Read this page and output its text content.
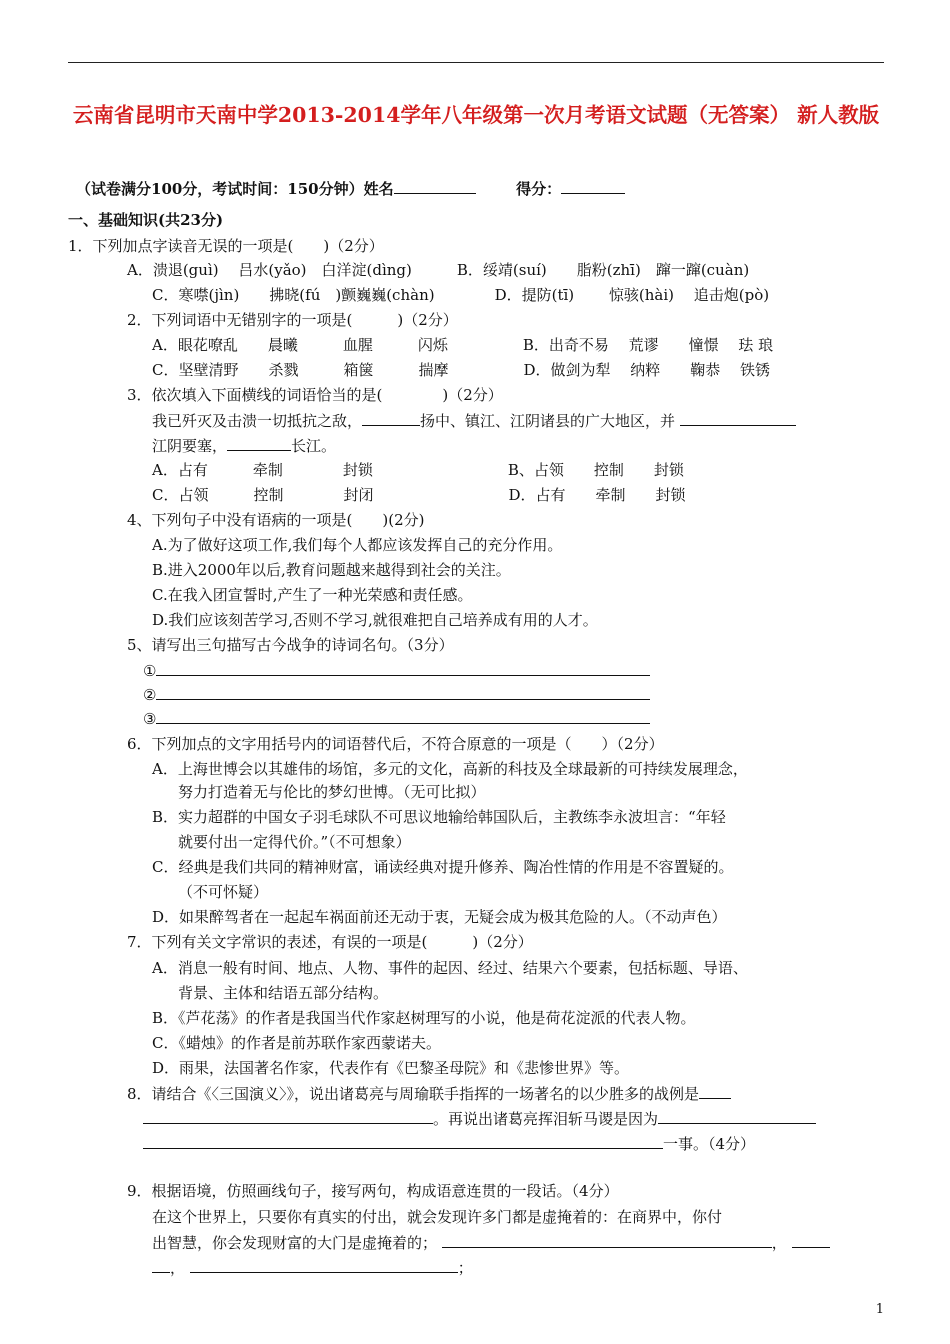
云南省昆明市天南中学2013-2014学年八年级第一次月考语文试题（无答案） 新人教版
（试卷满分100分，考试时间：150分钟）姓名	得分：
一、基础知识(共23分)
1．下列加点字读音无误的一项是(　　)（2分）
A．溃退(guì)　 吕水(yǎo)　白洋淀(dìng)　　　B．绥靖(suí)　　脂粉(zhī)　蹿一蹿(cuàn)
C．寒噤(jìn)　　拂晓(fú　)颤巍巍(chàn)　　　　D．提防(tī)　　 惊骇(hài)　 追击炮(pò)
2．下列词语中无错别字的一项是(　　　)（2分）
A．眼花嘹乱　　晨曦　　　血腥　　　闪烁　　　　　B．出奇不易　 荒谬　　憧憬　 珐 琅
C．坚壁清野　　杀戮　　　箱箧　　　揣摩　　　　　D．做剑为犁　 纳粹　　鞠恭　 铁锈
3．依次填入下面横线的词语恰当的是(　　　　)（2分）
我已歼灭及击溃一切抵抗之敌，	扬中、镇江、江阴诸县的广大地区，并
江阴要塞，	长江。
A．占有　　　牵制　　　　封锁　　　　　　　　　B、占领　　控制　　封锁
C．占领　　　控制　　　　封闭　　　　　　　　　D．占有　　牵制　　封锁
4、下列句子中没有语病的一项是(　　)(2分)
A.为了做好这项工作,我们每个人都应该发挥自己的充分作用。
B.进入2000年以后,教育问题越来越得到社会的关注。
C.在我入团宣誓时,产生了一种光荣感和责任感。
D.我们应该刻苦学习,否则不学习,就很难把自己培养成有用的人才。
5、请写出三句描写古今战争的诗词名句。（3分）
①
②
③
6．下列加点的文字用括号内的词语替代后，不符合原意的一项是（　　）（2分）
A．上海世博会以其雄伟的场馆，多元的文化，高新的科技及全球最新的可持续发展理念，
努力打造着无与伦比的梦幻世博。（无可比拟）
B．实力超群的中国女子羽毛球队不可思议地输给韩国队后，主教练李永波坦言：“年轻
就要付出一定得代价。”（不可想象）
C．经典是我们共同的精神财富，诵读经典对提升修养、陶冶性情的作用是不容置疑的。
（不可怀疑）
D．如果醉驾者在一起起车祸面前还无动于衷，无疑会成为极其危险的人。（不动声色）
7．下列有关文字常识的表述，有误的一项是(　　　)（2分）
A．消息一般有时间、地点、人物、事件的起因、经过、结果六个要素，包括标题、导语、
背景、主体和结语五部分结构。
B．《芦花荡》的作者是我国当代作家赵树理写的小说，他是荷花淀派的代表人物。
C．《蜡烛》的作者是前苏联作家西蒙诺夫。
D．雨果，法国著名作家，代表作有《巴黎圣母院》和《悲惨世界》等。
8．请结合《〈三国演义〉》，说出诸葛亮与周瑜联手指挥的一场著名的以少胜多的战例是
。再说出诸葛亮挥泪斩马谡是因为
一事。（4分）
9．根据语境，仿照画线句子，接写两句，构成语意连贯的一段话。（4分）
在这个世界上，只要你有真实的付出，就会发现许多门都是虚掩着的：在商界中，你付
出智慧，你会发现财富的大门是虚掩着的；	，
，	；
1
